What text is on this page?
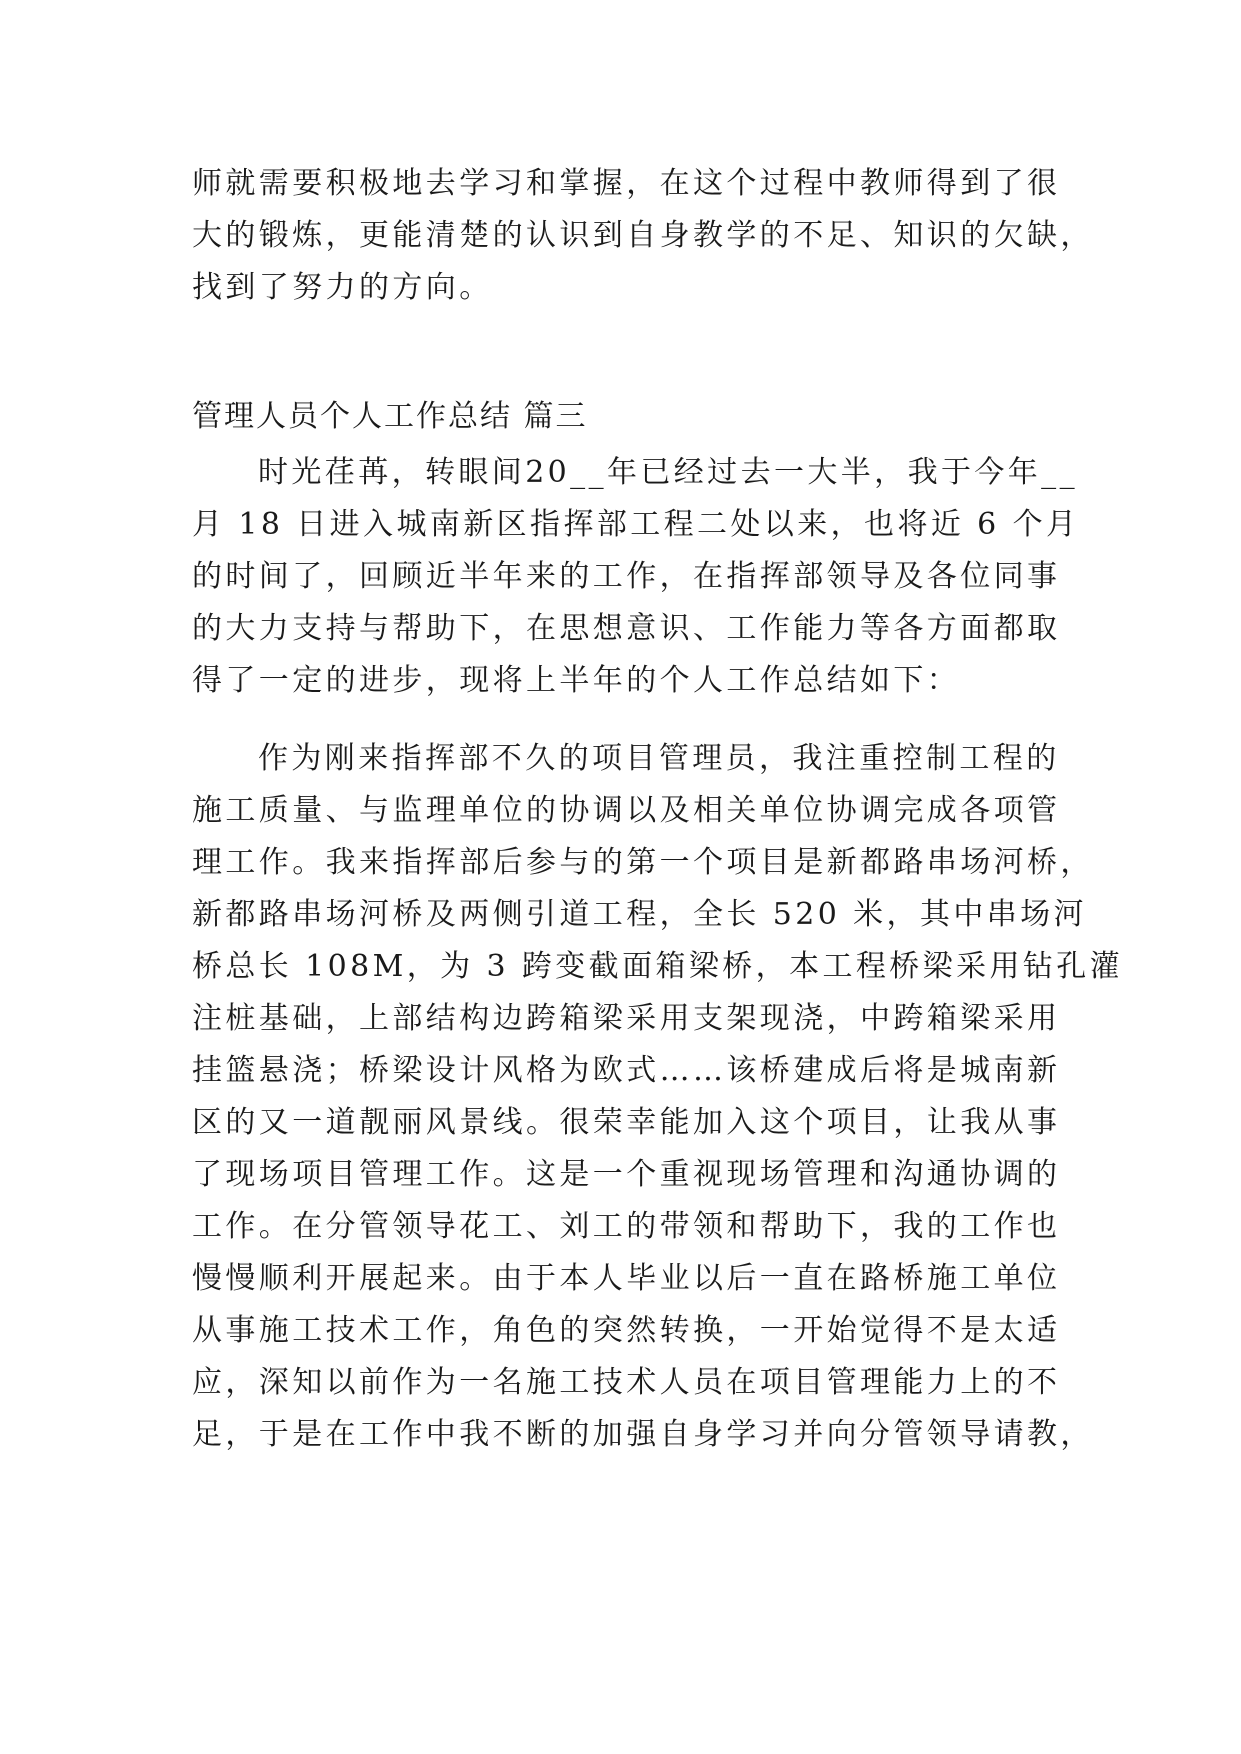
师就需要积极地去学习和掌握，在这个过程中教师得到了很
大的锻炼，更能清楚的认识到自身教学的不足、知识的欠缺，
找到了努力的方向。
管理人员个人工作总结 篇三
时光荏苒，转眼间20__年已经过去一大半，我于今年__
月 18 日进入城南新区指挥部工程二处以来，也将近 6 个月
的时间了，回顾近半年来的工作，在指挥部领导及各位同事
的大力支持与帮助下，在思想意识、工作能力等各方面都取
得了一定的进步，现将上半年的个人工作总结如下：
作为刚来指挥部不久的项目管理员，我注重控制工程的
施工质量、与监理单位的协调以及相关单位协调完成各项管
理工作。我来指挥部后参与的第一个项目是新都路串场河桥，
新都路串场河桥及两侧引道工程，全长 520 米，其中串场河
桥总长 108M，为 3 跨变截面箱梁桥，本工程桥梁采用钻孔灌
注桩基础，上部结构边跨箱梁采用支架现浇，中跨箱梁采用
挂篮悬浇；桥梁设计风格为欧式……该桥建成后将是城南新
区的又一道靓丽风景线。很荣幸能加入这个项目，让我从事
了现场项目管理工作。这是一个重视现场管理和沟通协调的
工作。在分管领导花工、刘工的带领和帮助下，我的工作也
慢慢顺利开展起来。由于本人毕业以后一直在路桥施工单位
从事施工技术工作，角色的突然转换，一开始觉得不是太适
应，深知以前作为一名施工技术人员在项目管理能力上的不
足，于是在工作中我不断的加强自身学习并向分管领导请教，
